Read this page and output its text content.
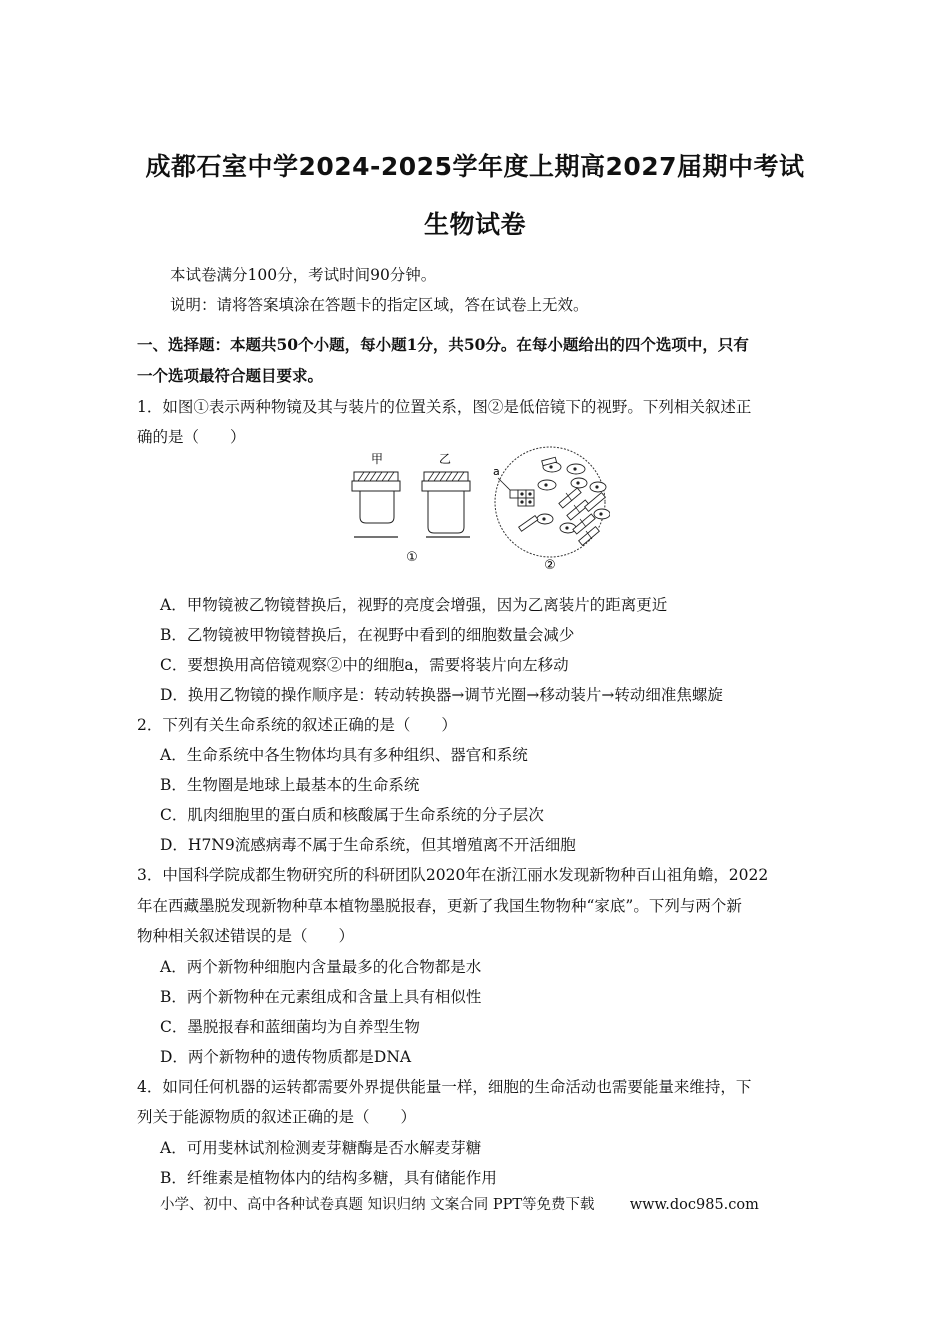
成都石室中学2024-2025学年度上期高2027届期中考试
生物试卷
本试卷满分100分，考试时间90分钟。
说明：请将答案填涂在答题卡的指定区域，答在试卷上无效。
一、选择题：本题共50个小题，每小题1分，共50分。在每小题给出的四个选项中，只有
一个选项最符合题目要求。
1．如图①表示两种物镜及其与装片的位置关系，图②是低倍镜下的视野。下列相关叙述正
确的是（　　）
甲	乙
①
a
②
A．甲物镜被乙物镜替换后，视野的亮度会增强，因为乙离装片的距离更近
B．乙物镜被甲物镜替换后，在视野中看到的细胞数量会减少
C．要想换用高倍镜观察②中的细胞a，需要将装片向左移动
D．换用乙物镜的操作顺序是：转动转换器→调节光圈→移动装片→转动细准焦螺旋
2．下列有关生命系统的叙述正确的是（　　）
A．生命系统中各生物体均具有多种组织、器官和系统
B．生物圈是地球上最基本的生命系统
C．肌肉细胞里的蛋白质和核酸属于生命系统的分子层次
D．H7N9流感病毒不属于生命系统，但其增殖离不开活细胞
3．中国科学院成都生物研究所的科研团队2020年在浙江丽水发现新物种百山祖角蟾，2022
年在西藏墨脱发现新物种草本植物墨脱报春，更新了我国生物物种“家底”。下列与两个新
物种相关叙述错误的是（　　）
A．两个新物种细胞内含量最多的化合物都是水
B．两个新物种在元素组成和含量上具有相似性
C．墨脱报春和蓝细菌均为自养型生物
D．两个新物种的遗传物质都是DNA
4．如同任何机器的运转都需要外界提供能量一样，细胞的生命活动也需要能量来维持，下
列关于能源物质的叙述正确的是（　　）
A．可用斐林试剂检测麦芽糖酶是否水解麦芽糖
B．纤维素是植物体内的结构多糖，具有储能作用
小学、初中、高中各种试卷真题 知识归纳 文案合同 PPT等免费下载 www.doc985.com
